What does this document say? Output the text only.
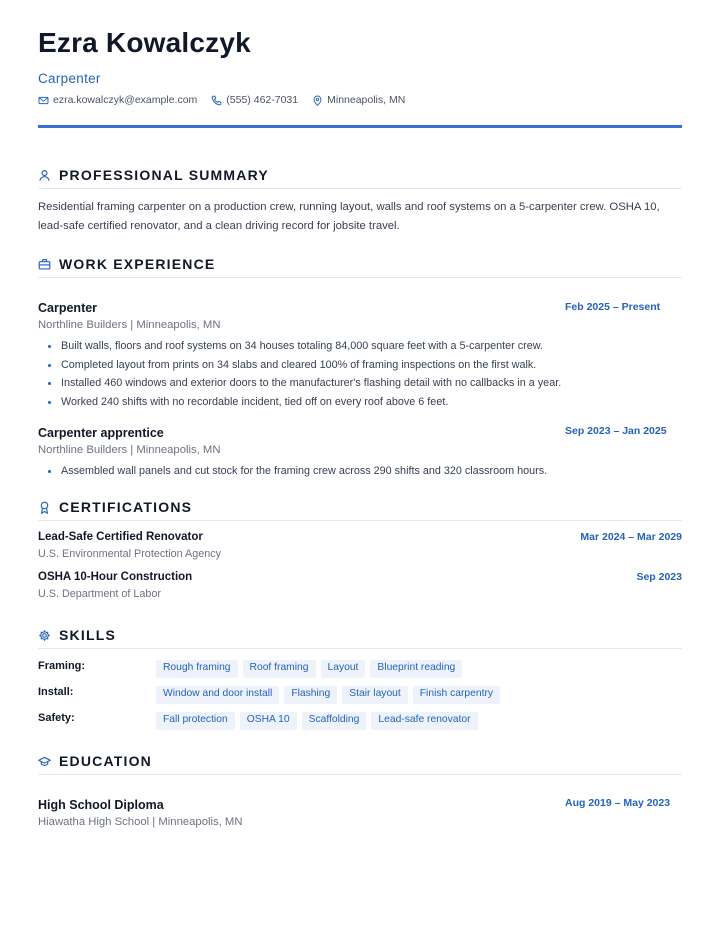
Ezra Kowalczyk
Carpenter
ezra.kowalczyk@example.com	(555) 462-7031	Minneapolis, MN
PROFESSIONAL SUMMARY
Residential framing carpenter on a production crew, running layout, walls and roof systems on a 5-carpenter crew. OSHA 10, lead-safe certified renovator, and a clean driving record for jobsite travel.
WORK EXPERIENCE
Carpenter	Feb 2025 – Present
Northline Builders | Minneapolis, MN
Built walls, floors and roof systems on 34 houses totaling 84,000 square feet with a 5-carpenter crew.
Completed layout from prints on 34 slabs and cleared 100% of framing inspections on the first walk.
Installed 460 windows and exterior doors to the manufacturer's flashing detail with no callbacks in a year.
Worked 240 shifts with no recordable incident, tied off on every roof above 6 feet.
Carpenter apprentice	Sep 2023 – Jan 2025
Northline Builders | Minneapolis, MN
Assembled wall panels and cut stock for the framing crew across 290 shifts and 320 classroom hours.
CERTIFICATIONS
Lead-Safe Certified Renovator	Mar 2024 – Mar 2029
U.S. Environmental Protection Agency
OSHA 10-Hour Construction	Sep 2023
U.S. Department of Labor
SKILLS
Framing:	Rough framing	Roof framing	Layout	Blueprint reading
Install:	Window and door install	Flashing	Stair layout	Finish carpentry
Safety:	Fall protection	OSHA 10	Scaffolding	Lead-safe renovator
EDUCATION
High School Diploma	Aug 2019 – May 2023
Hiawatha High School | Minneapolis, MN
